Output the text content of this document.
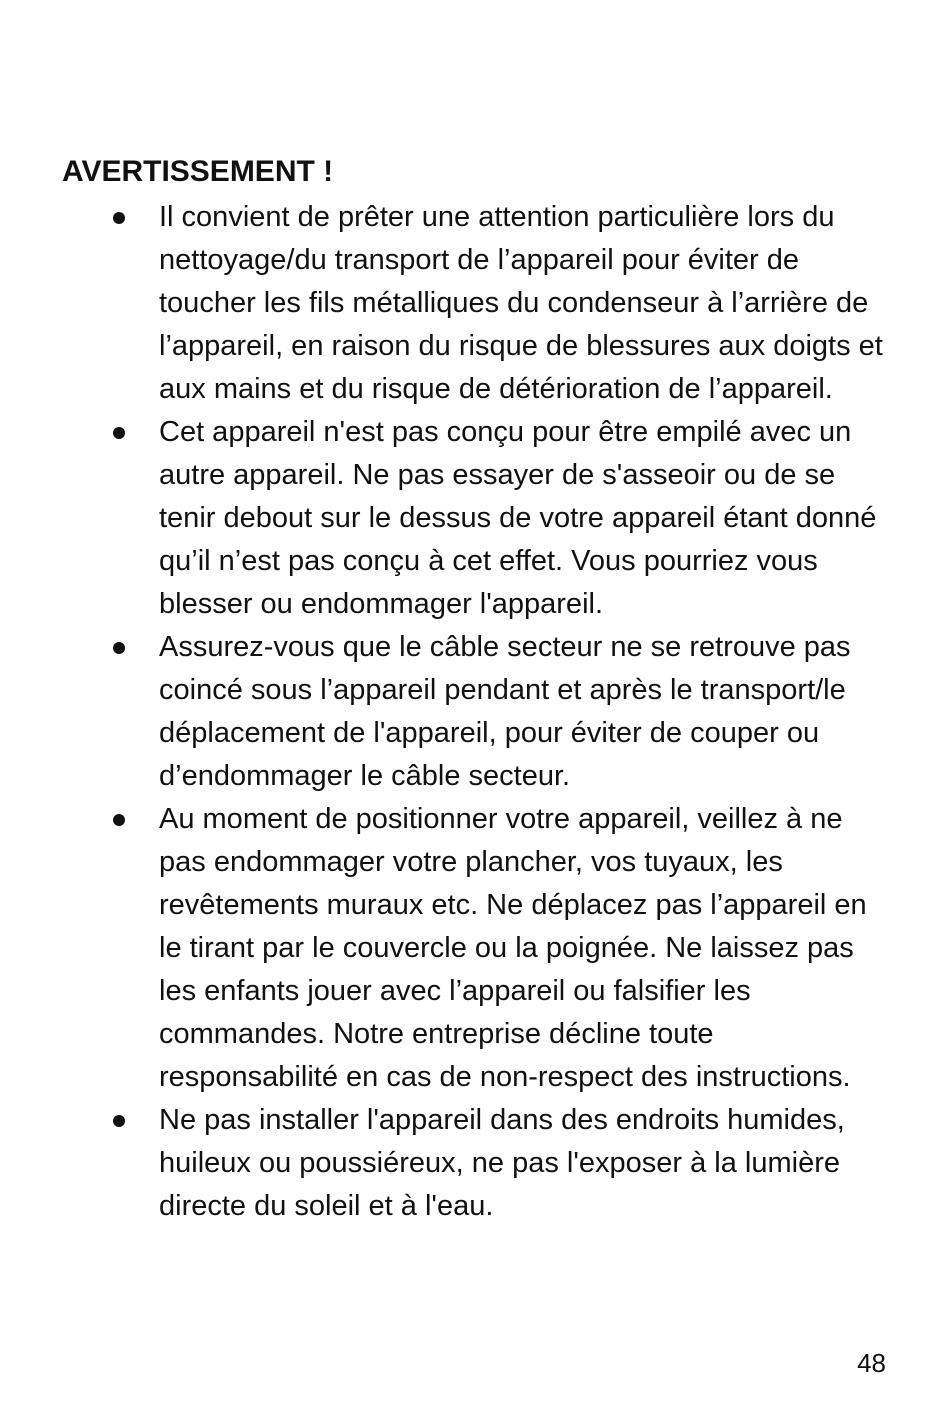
AVERTISSEMENT !
Il convient de prêter une attention particulière lors du nettoyage/du transport de l’appareil pour éviter de toucher les fils métalliques du condenseur à l’arrière de l’appareil, en raison du risque de blessures aux doigts et aux mains et du risque de détérioration de l’appareil.
Cet appareil n'est pas conçu pour être empilé avec un autre appareil. Ne pas essayer de s'asseoir ou de se tenir debout sur le dessus de votre appareil étant donné qu’il n’est pas conçu à cet effet. Vous pourriez vous blesser ou endommager l'appareil.
Assurez-vous que le câble secteur ne se retrouve pas coincé sous l’appareil pendant et après le transport/le déplacement de l'appareil, pour éviter de couper ou d’endommager le câble secteur.
Au moment de positionner votre appareil, veillez à ne pas endommager votre plancher, vos tuyaux, les revêtements muraux etc. Ne déplacez pas l’appareil en le tirant par le couvercle ou la poignée. Ne laissez pas les enfants jouer avec l’appareil ou falsifier les commandes. Notre entreprise décline toute responsabilité en cas de non-respect des instructions.
Ne pas installer l'appareil dans des endroits humides, huileux ou poussiéreux, ne pas l'exposer à la lumière directe du soleil et à l'eau.

48
